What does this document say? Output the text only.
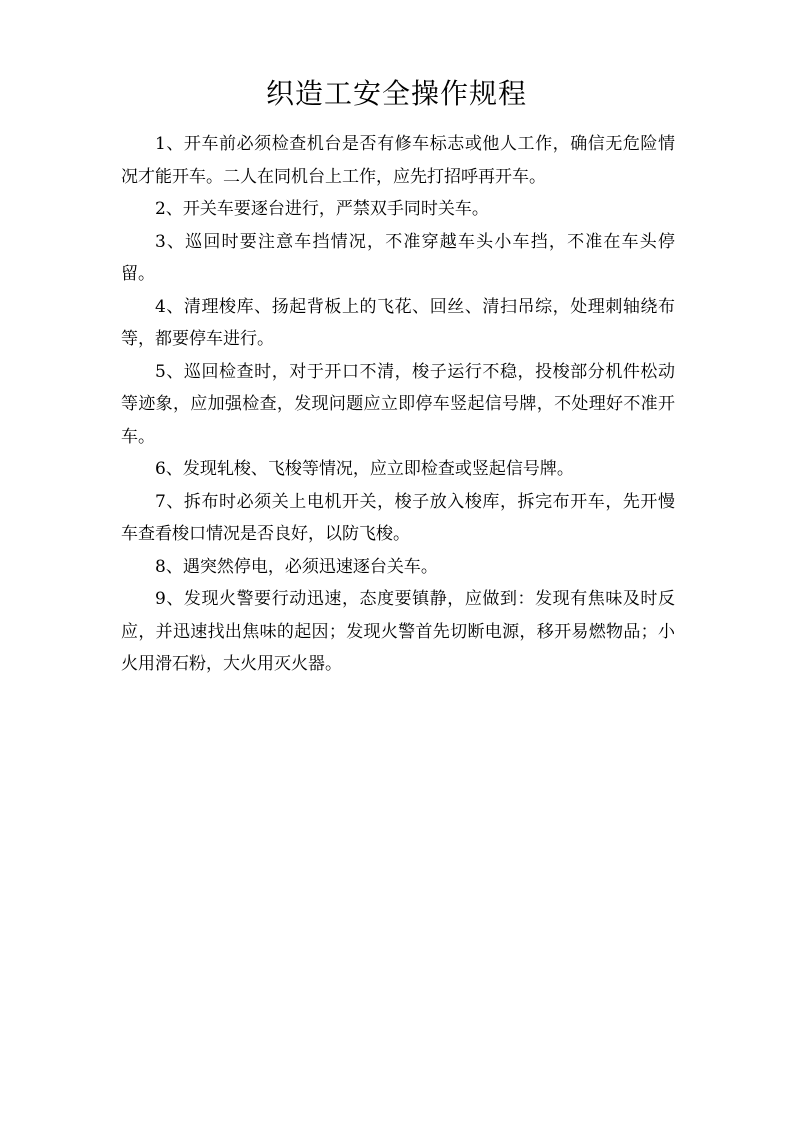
织造工安全操作规程

1、开车前必须检查机台是否有修车标志或他人工作，确信无危险情况才能开车。二人在同机台上工作，应先打招呼再开车。

2、开关车要逐台进行，严禁双手同时关车。

3、巡回时要注意车挡情况，不准穿越车头小车挡，不准在车头停留。

4、清理梭库、扬起背板上的飞花、回丝、清扫吊综，处理刺轴绕布等，都要停车进行。

5、巡回检查时，对于开口不清，梭子运行不稳，投梭部分机件松动等迹象，应加强检查，发现问题应立即停车竖起信号牌，不处理好不准开车。

6、发现轧梭、飞梭等情况，应立即检查或竖起信号牌。

7、拆布时必须关上电机开关，梭子放入梭库，拆完布开车，先开慢车查看梭口情况是否良好，以防飞梭。

8、遇突然停电，必须迅速逐台关车。

9、发现火警要行动迅速，态度要镇静，应做到：发现有焦味及时反应，并迅速找出焦味的起因；发现火警首先切断电源，移开易燃物品；小火用滑石粉，大火用灭火器。
